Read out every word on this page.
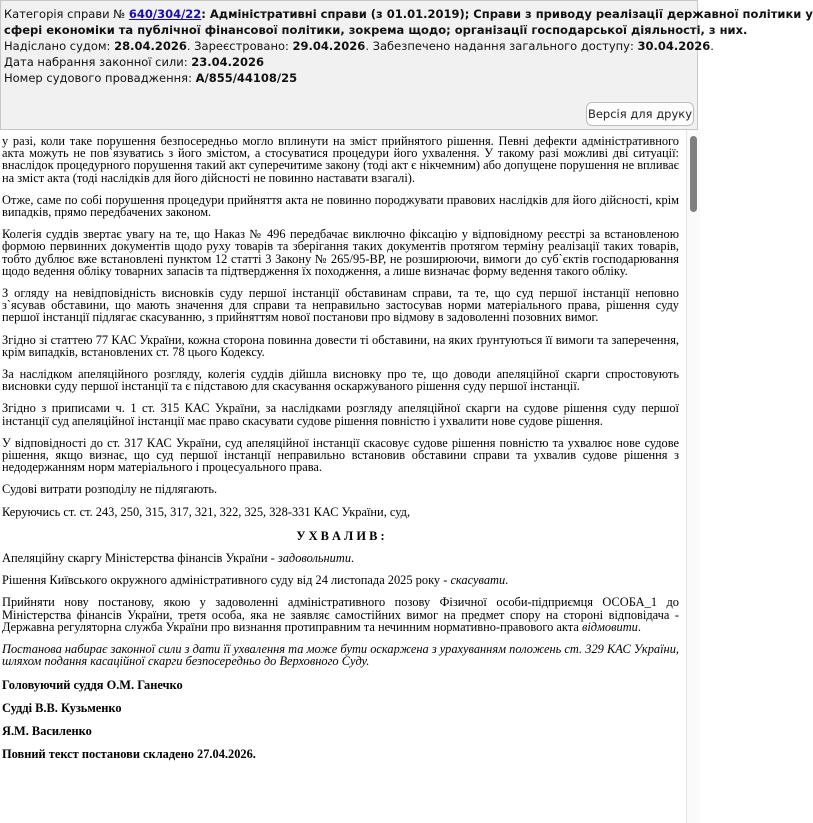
Категорія справи № 640/304/22: Адміністративні справи (з 01.01.2019); Справи з приводу реалізації державної політики у
сфері економіки та публічної фінансової політики, зокрема щодо; організації господарської діяльності, з них.
Надіслано судом: 28.04.2026. Зареєстровано: 29.04.2026. Забезпечено надання загального доступу: 30.04.2026.
Дата набрання законної сили: 23.04.2026
Номер судового провадження: А/855/44108/25
Версія для друку

у разі, коли таке порушення безпосередньо могло вплинути на зміст прийнятого рішення. Певні дефекти адміністративного акта можуть не пов`язуватись з його змістом, а стосуватися процедури його ухвалення. У такому разі можливі дві ситуації: внаслідок процедурного порушення такий акт суперечитиме закону (тоді акт є нікчемним) або допущене порушення не впливає на зміст акта (тоді наслідків для його дійсності не повинно наставати взагалі).

Отже, саме по собі порушення процедури прийняття акта не повинно породжувати правових наслідків для його дійсності, крім випадків, прямо передбачених законом.

Колегія суддів звертає увагу на те, що Наказ № 496 передбачає виключно фіксацію у відповідному реєстрі за встановленою формою первинних документів щодо руху товарів та зберігання таких документів протягом терміну реалізації таких товарів, тобто дублює вже встановлені пунктом 12 статті 3 Закону № 265/95-ВР, не розширюючи, вимоги до суб`єктів господарювання щодо ведення обліку товарних запасів та підтвердження їх походження, а лише визначає форму ведення такого обліку.

З огляду на невідповідність висновків суду першої інстанції обставинам справи, та те, що суд першої інстанції неповно з`ясував обставини, що мають значення для справи та неправильно застосував норми матеріального права, рішення суду першої інстанції підлягає скасуванню, з прийняттям нової постанови про відмову в задоволенні позовних вимог.

Згідно зі статтею 77 КАС України, кожна сторона повинна довести ті обставини, на яких ґрунтуються її вимоги та заперечення, крім випадків, встановлених ст. 78 цього Кодексу.

За наслідком апеляційного розгляду, колегія суддів дійшла висновку про те, що доводи апеляційної скарги спростовують висновки суду першої інстанції та є підставою для скасування оскаржуваного рішення суду першої інстанції.

Згідно з приписами ч. 1 ст. 315 КАС України, за наслідками розгляду апеляційної скарги на судове рішення суду першої інстанції суд апеляційної інстанції має право скасувати судове рішення повністю і ухвалити нове судове рішення.

У відповідності до ст. 317 КАС України, суд апеляційної інстанції скасовує судове рішення повністю та ухвалює нове судове рішення, якщо визнає, що суд першої інстанції неправильно встановив обставини справи та ухвалив судове рішення з недодержанням норм матеріального і процесуального права.

Судові витрати розподілу не підлягають.

Керуючись ст. ст. 243, 250, 315, 317, 321, 322, 325, 328-331 КАС України, суд,

У Х В А Л И В :

Апеляційну скаргу Міністерства фінансів України - задовольнити.

Рішення Київського окружного адміністративного суду від 24 листопада 2025 року - скасувати.

Прийняти нову постанову, якою у задоволенні адміністративного позову Фізичної особи-підприємця ОСОБА_1 до Міністерства фінансів України, третя особа, яка не заявляє самостійних вимог на предмет спору на стороні відповідача - Державна регуляторна служба України про визнання протиправним та нечинним нормативно-правового акта відмовити.

Постанова набирає законної сили з дати її ухвалення та може бути оскаржена з урахуванням положень ст. 329 КАС України, шляхом подання касаційної скарги безпосередньо до Верховного Суду.

Головуючий суддя О.М. Ганечко

Судді В.В. Кузьменко

Я.М. Василенко

Повний текст постанови складено 27.04.2026.
